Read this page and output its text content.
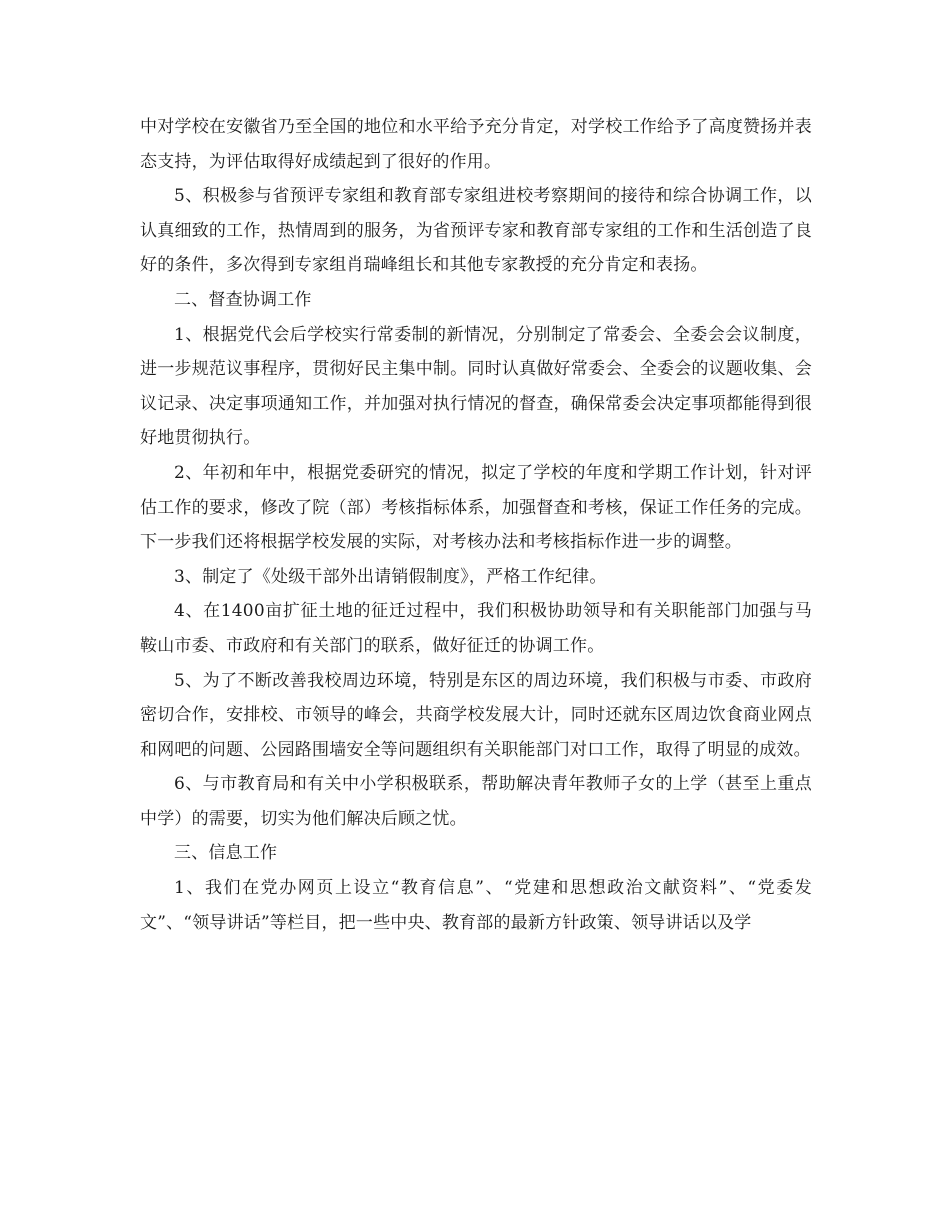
中对学校在安徽省乃至全国的地位和水平给予充分肯定，对学校工作给予了高度赞扬并表态支持，为评估取得好成绩起到了很好的作用。

5、积极参与省预评专家组和教育部专家组进校考察期间的接待和综合协调工作，以认真细致的工作，热情周到的服务，为省预评专家和教育部专家组的工作和生活创造了良好的条件，多次得到专家组肖瑞峰组长和其他专家教授的充分肯定和表扬。

二、督查协调工作

1、根据党代会后学校实行常委制的新情况，分别制定了常委会、全委会会议制度，进一步规范议事程序，贯彻好民主集中制。同时认真做好常委会、全委会的议题收集、会议记录、决定事项通知工作，并加强对执行情况的督查，确保常委会决定事项都能得到很好地贯彻执行。

2、年初和年中，根据党委研究的情况，拟定了学校的年度和学期工作计划，针对评估工作的要求，修改了院（部）考核指标体系，加强督查和考核，保证工作任务的完成。下一步我们还将根据学校发展的实际，对考核办法和考核指标作进一步的调整。

3、制定了《处级干部外出请销假制度》，严格工作纪律。

4、在1400亩扩征土地的征迁过程中，我们积极协助领导和有关职能部门加强与马鞍山市委、市政府和有关部门的联系，做好征迁的协调工作。

5、为了不断改善我校周边环境，特别是东区的周边环境，我们积极与市委、市政府密切合作，安排校、市领导的峰会，共商学校发展大计，同时还就东区周边饮食商业网点和网吧的问题、公园路围墙安全等问题组织有关职能部门对口工作，取得了明显的成效。

6、与市教育局和有关中小学积极联系，帮助解决青年教师子女的上学（甚至上重点中学）的需要，切实为他们解决后顾之忧。

三、信息工作

1、我们在党办网页上设立“教育信息”、“党建和思想政治文献资料”、“党委发文”、“领导讲话”等栏目，把一些中央、教育部的最新方针政策、领导讲话以及学
